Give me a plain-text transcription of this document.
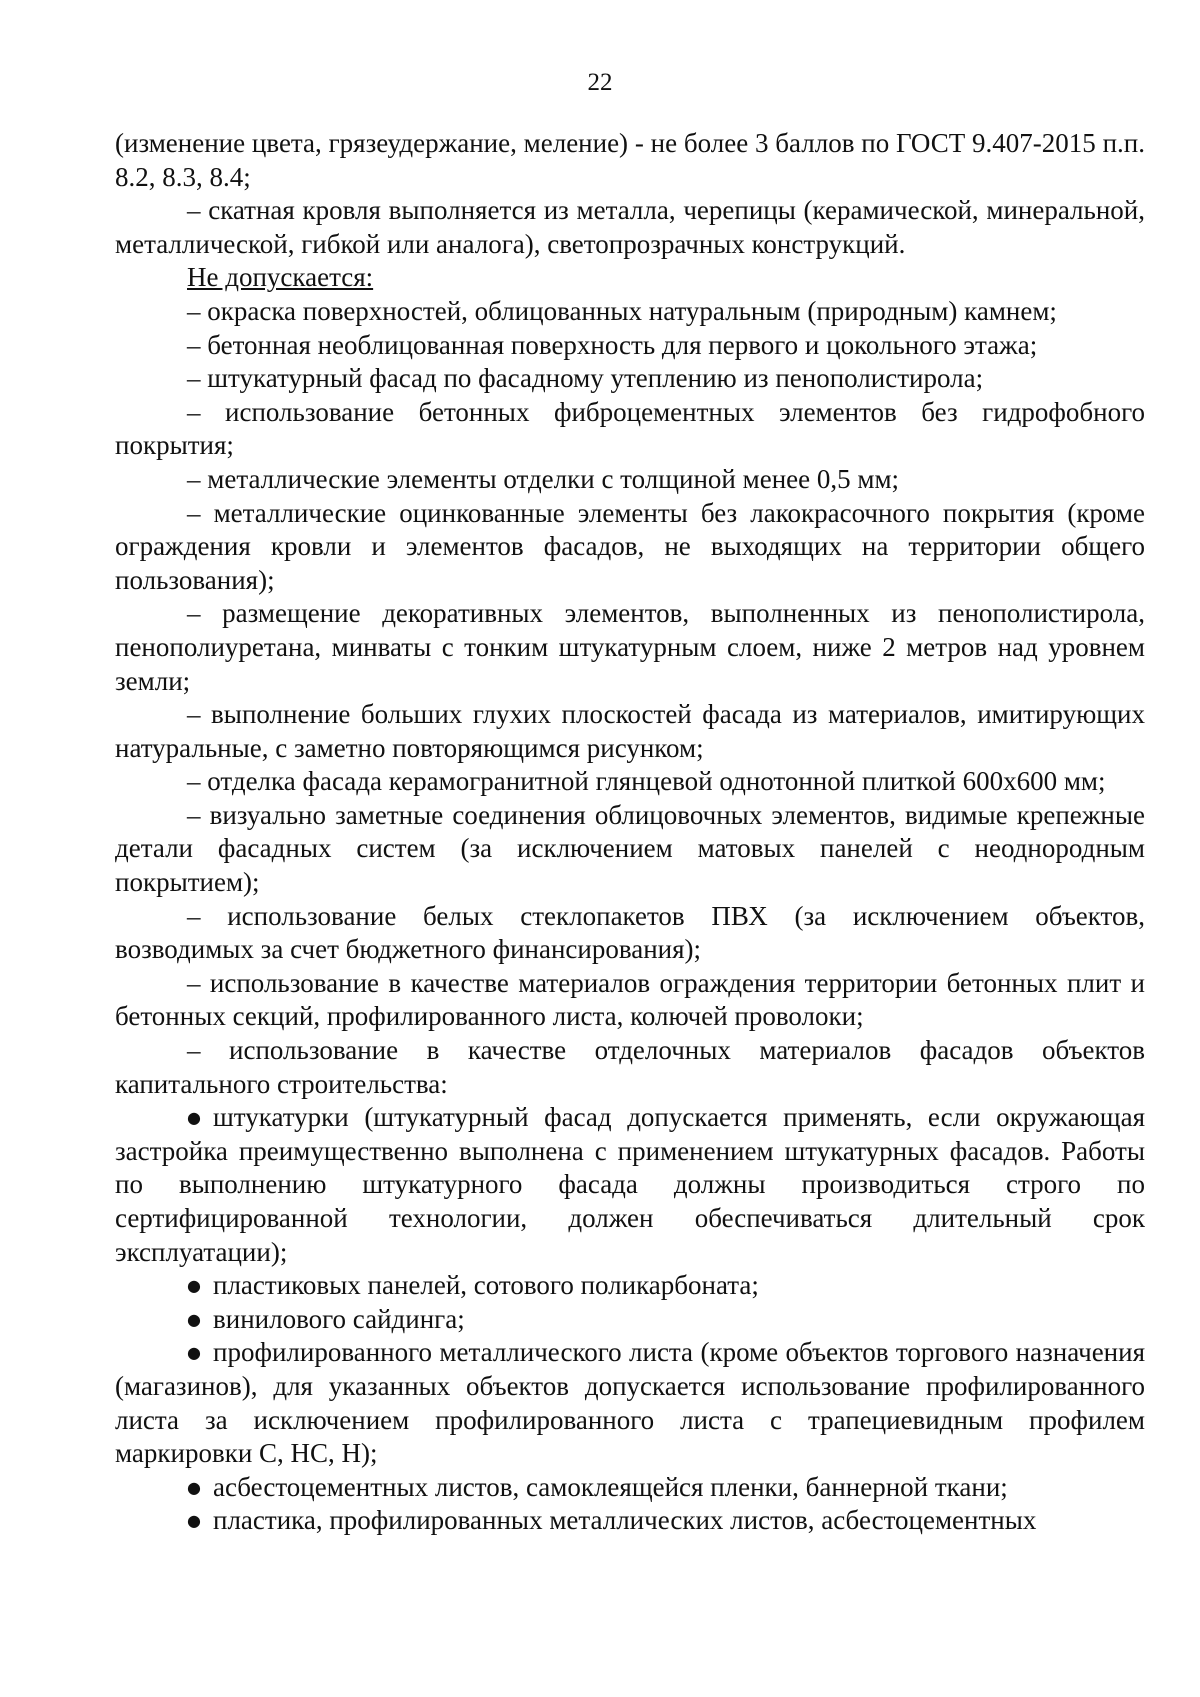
22

(изменение цвета, грязеудержание, меление) - не более 3 баллов по ГОСТ 9.407-2015 п.п. 8.2, 8.3, 8.4;

– скатная кровля выполняется из металла, черепицы (керамической, минеральной, металлической, гибкой или аналога), светопрозрачных конструкций.

Не допускается:

– окраска поверхностей, облицованных натуральным (природным) камнем;

– бетонная необлицованная поверхность для первого и цокольного этажа;

– штукатурный фасад по фасадному утеплению из пенополистирола;

– использование бетонных фиброцементных элементов без гидрофобного покрытия;

– металлические элементы отделки с толщиной менее 0,5 мм;

– металлические оцинкованные элементы без лакокрасочного покрытия (кроме ограждения кровли и элементов фасадов, не выходящих на территории общего пользования);

– размещение декоративных элементов, выполненных из пенополистирола, пенополиуретана, минваты с тонким штукатурным слоем, ниже 2 метров над уровнем земли;

– выполнение больших глухих плоскостей фасада из материалов, имитирующих натуральные, с заметно повторяющимся рисунком;

– отделка фасада керамогранитной глянцевой однотонной плиткой 600х600 мм;

– визуально заметные соединения облицовочных элементов, видимые крепежные детали фасадных систем (за исключением матовых панелей с неоднородным покрытием);

– использование белых стеклопакетов ПВХ (за исключением объектов, возводимых за счет бюджетного финансирования);

– использование в качестве материалов ограждения территории бетонных плит и бетонных секций, профилированного листа, колючей проволоки;

– использование в качестве отделочных материалов фасадов объектов капитального строительства:

● штукатурки (штукатурный фасад допускается применять, если окружающая застройка преимущественно выполнена с применением штукатурных фасадов. Работы по выполнению штукатурного фасада должны производиться строго по сертифицированной технологии, должен обеспечиваться длительный срок эксплуатации);

● пластиковых панелей, сотового поликарбоната;

● винилового сайдинга;

● профилированного металлического листа (кроме объектов торгового назначения (магазинов), для указанных объектов допускается использование профилированного листа за исключением профилированного листа с трапециевидным профилем маркировки С, НС, Н);

● асбестоцементных листов, самоклеящейся пленки, баннерной ткани;

● пластика, профилированных металлических листов, асбестоцементных
